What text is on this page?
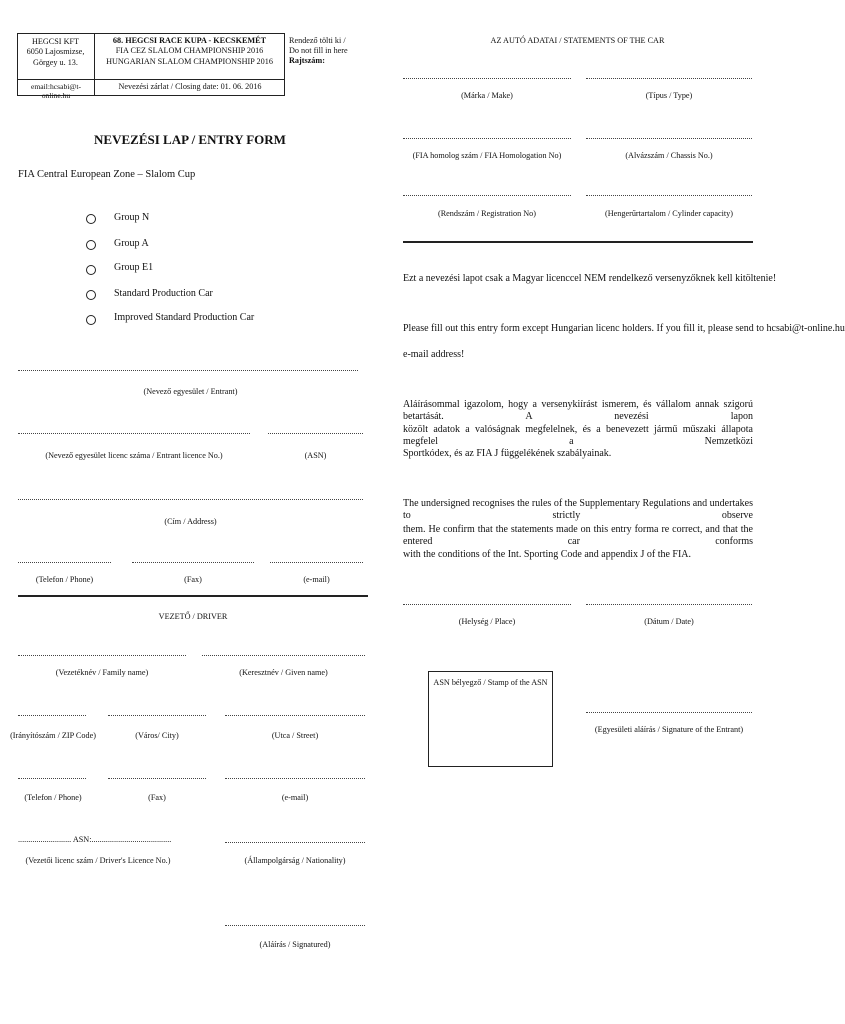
HEGCSI KFT
6050 Lajosmizse,
Görgey u. 13.
email:hcsabi@t-online.hu
68. HEGCSI RACE KUPA - KECSKEMÉT
FIA CEZ SLALOM CHAMPIONSHIP 2016
HUNGARIAN SLALOM CHAMPIONSHIP 2016
Nevezési zárlat / Closing date: 01. 06. 2016
Rendező tölti ki /
Do not fill in here
Rajtszám:
NEVEZÉSI LAP / ENTRY FORM
FIA Central European Zone – Slalom Cup
Group N
Group A
Group E1
Standard Production Car
Improved Standard Production Car
(Nevező egyesület / Entrant)
(Nevező egyesület licenc száma / Entrant licence No.)	(ASN)
(Cím / Address)
(Telefon / Phone)	(Fax)	(e-mail)
VEZETŐ / DRIVER
(Vezetéknév / Family name)	(Keresztnév / Given name)
(Irányítószám / ZIP Code)	(Város/ City)	(Utca / Street)
(Telefon / Phone)	(Fax)	(e-mail)
.......................... ASN:.......................................
(Vezetői licenc szám / Driver's Licence No.)	(Állampolgárság / Nationality)
(Aláírás / Signatured)
AZ AUTÓ ADATAI / STATEMENTS OF THE CAR
(Márka / Make)	(Típus / Type)
(FIA homolog szám / FIA Homologation No)	(Alvázszám / Chassis No.)
(Rendszám / Registration No)	(Hengerűrtartalom / Cylinder capacity)
Ezt a nevezési lapot csak a Magyar licenccel NEM rendelkező versenyzőknek kell kitöltenie!
Please fill out this entry form except Hungarian licenc holders. If you fill it, please send to hcsabi@t-online.hu
e-mail address!
Aláírásommal igazolom, hogy a versenykiírást ismerem, és vállalom annak szigorú betartását. A nevezési lapon
közölt adatok a valóságnak megfelelnek, és a benevezett jármű műszaki állapota megfelel a Nemzetközi
Sportkódex, és az FIA J függelékének szabályainak.
The undersigned recognises the rules of the Supplementary Regulations and undertakes to strictly observe
them. He confirm that the statements made on this entry forma re correct, and that the entered car conforms
with the conditions of the Int. Sporting Code and appendix J of the FIA.
(Helység / Place)	(Dátum / Date)
ASN bélyegző / Stamp of the ASN
(Egyesületi aláírás / Signature of the Entrant)
